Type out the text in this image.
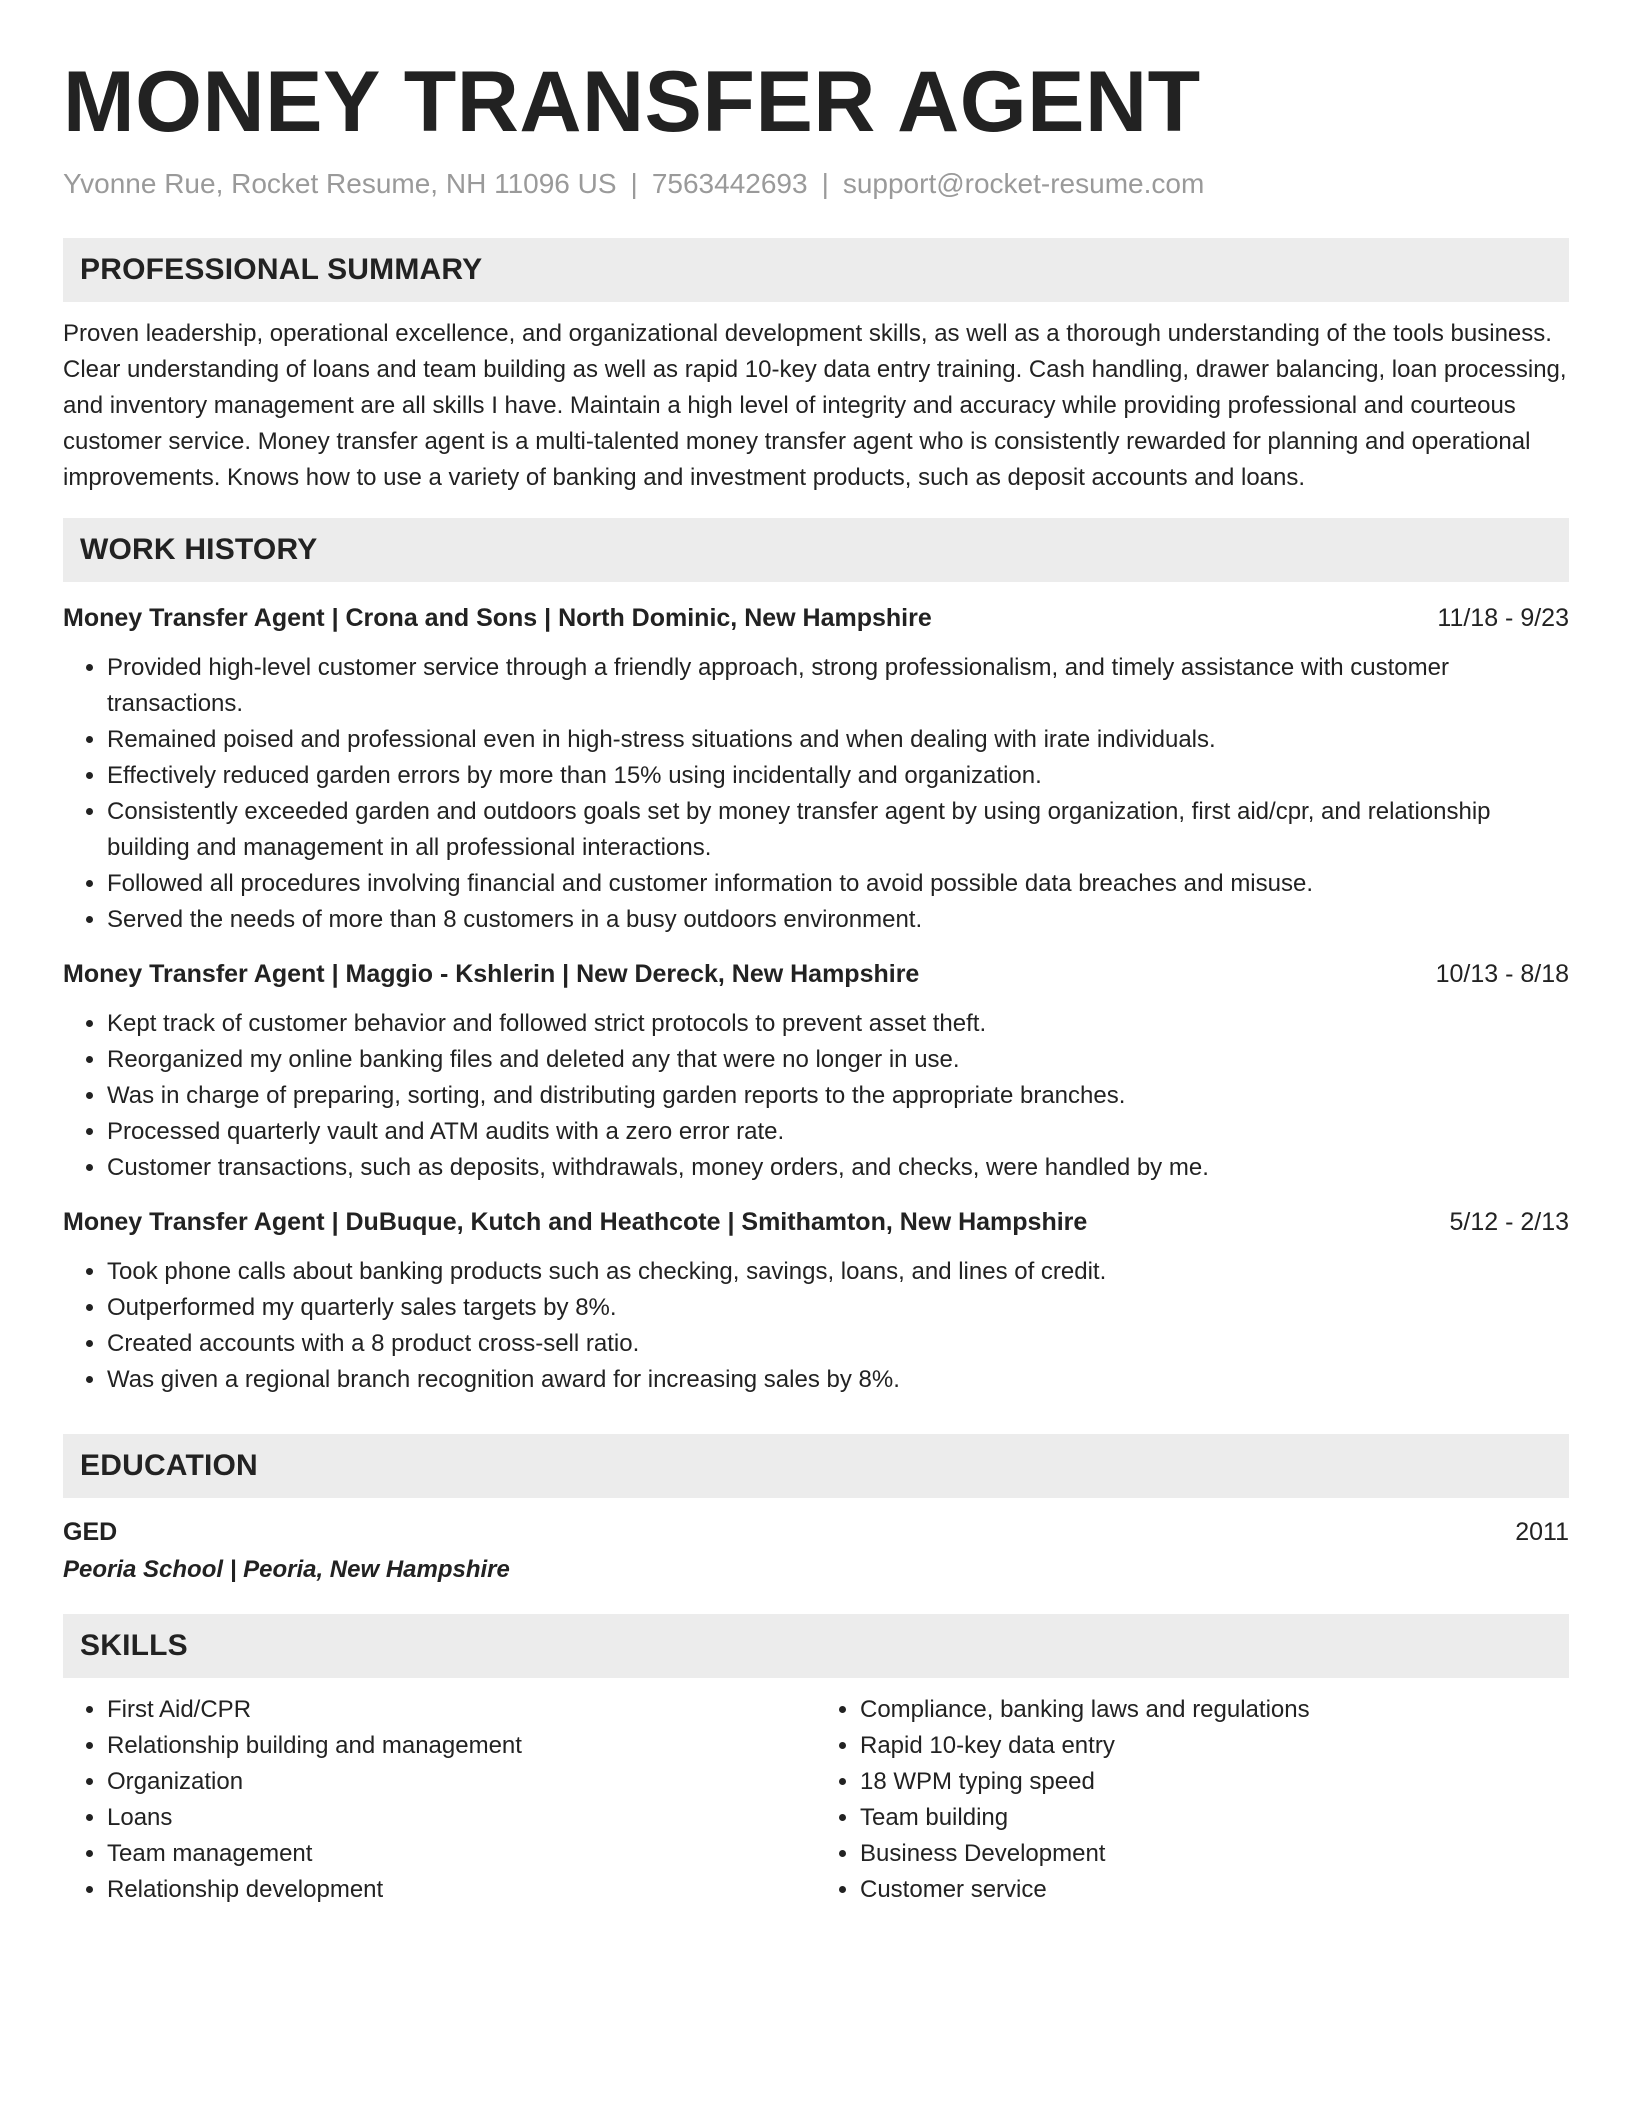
MONEY TRANSFER AGENT
Yvonne Rue, Rocket Resume, NH 11096 US | 7563442693 | support@rocket-resume.com
PROFESSIONAL SUMMARY
Proven leadership, operational excellence, and organizational development skills, as well as a thorough understanding of the tools business. Clear understanding of loans and team building as well as rapid 10-key data entry training. Cash handling, drawer balancing, loan processing, and inventory management are all skills I have. Maintain a high level of integrity and accuracy while providing professional and courteous customer service. Money transfer agent is a multi-talented money transfer agent who is consistently rewarded for planning and operational improvements. Knows how to use a variety of banking and investment products, such as deposit accounts and loans.
WORK HISTORY
Money Transfer Agent | Crona and Sons | North Dominic, New Hampshire	11/18 - 9/23
• Provided high-level customer service through a friendly approach, strong professionalism, and timely assistance with customer transactions.
• Remained poised and professional even in high-stress situations and when dealing with irate individuals.
• Effectively reduced garden errors by more than 15% using incidentally and organization.
• Consistently exceeded garden and outdoors goals set by money transfer agent by using organization, first aid/cpr, and relationship building and management in all professional interactions.
• Followed all procedures involving financial and customer information to avoid possible data breaches and misuse.
• Served the needs of more than 8 customers in a busy outdoors environment.
Money Transfer Agent | Maggio - Kshlerin | New Dereck, New Hampshire	10/13 - 8/18
• Kept track of customer behavior and followed strict protocols to prevent asset theft.
• Reorganized my online banking files and deleted any that were no longer in use.
• Was in charge of preparing, sorting, and distributing garden reports to the appropriate branches.
• Processed quarterly vault and ATM audits with a zero error rate.
• Customer transactions, such as deposits, withdrawals, money orders, and checks, were handled by me.
Money Transfer Agent | DuBuque, Kutch and Heathcote | Smithamton, New Hampshire	5/12 - 2/13
• Took phone calls about banking products such as checking, savings, loans, and lines of credit.
• Outperformed my quarterly sales targets by 8%.
• Created accounts with a 8 product cross-sell ratio.
• Was given a regional branch recognition award for increasing sales by 8%.
EDUCATION
GED	2011
Peoria School | Peoria, New Hampshire
SKILLS
• First Aid/CPR
• Relationship building and management
• Organization
• Loans
• Team management
• Relationship development
• Compliance, banking laws and regulations
• Rapid 10-key data entry
• 18 WPM typing speed
• Team building
• Business Development
• Customer service
